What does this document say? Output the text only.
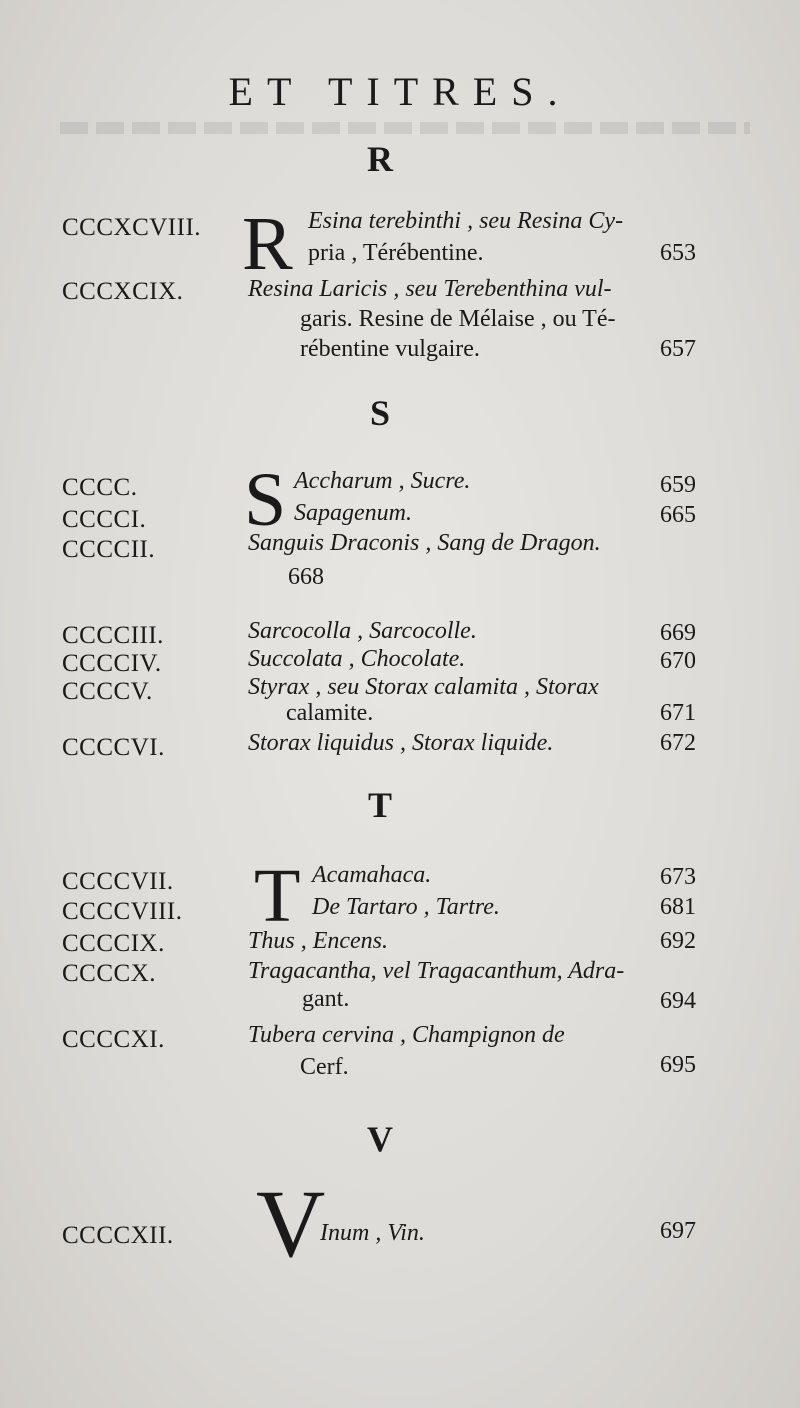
ET TITRES.
R
R
CCCXCVIII.	Esina terebinthi , seu Resina Cy-
pria , Térébentine.	653
CCCXCIX.	Resina Laricis , seu Terebenthina vul-
garis. Resine de Mélaise , ou Té-
rébentine vulgaire.	657
S
S
CCCC.	Accharum , Sucre.	659
CCCCI.	Sapagenum.	665
CCCCII.	Sanguis Draconis , Sang de Dragon.
668
CCCCIII.	Sarcocolla , Sarcocolle.	669
CCCCIV.	Succolata , Chocolate.	670
CCCCV.	Styrax , seu Storax calamita , Storax
calamite.	671
CCCCVI.	Storax liquidus , Storax liquide.	672
T
T
CCCCVII.	Acamahaca.	673
CCCCVIII.	De Tartaro , Tartre.	681
CCCCIX.	Thus , Encens.	692
CCCCX.	Tragacantha, vel Tragacanthum, Adra-
gant.	694
CCCCXI.	Tubera cervina , Champignon de
Cerf.	695
V
V
CCCCXII.	Inum , Vin.	697
